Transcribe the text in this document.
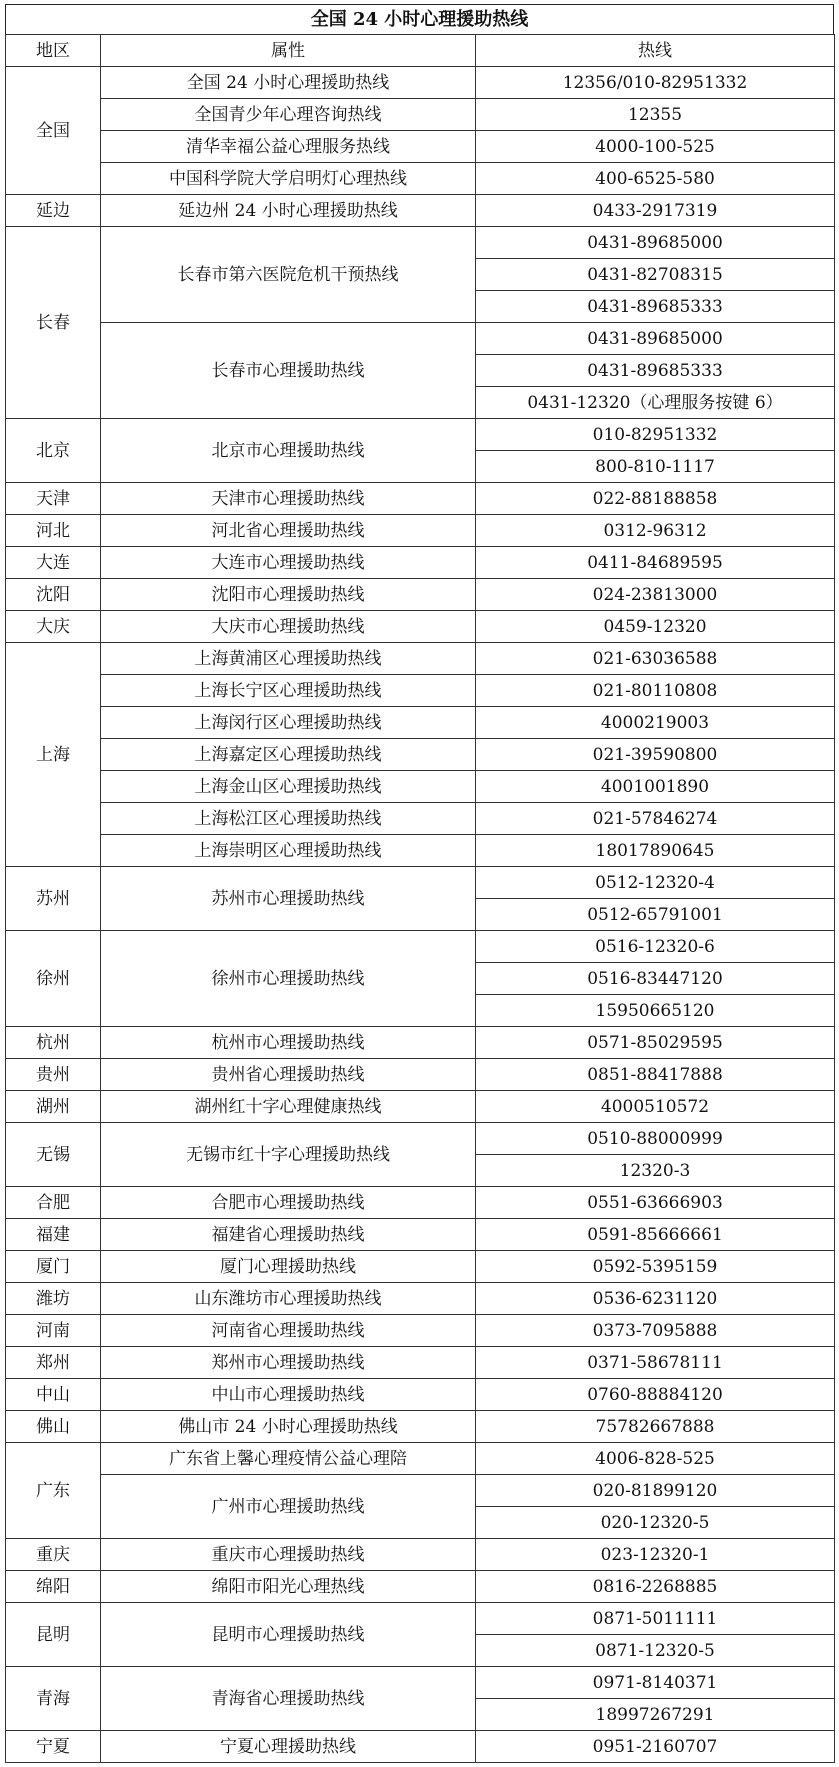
全国 24 小时心理援助热线
地区	属性	热线
全国	全国 24 小时心理援助热线	12356/010-82951332
	全国青少年心理咨询热线	12355
	清华幸福公益心理服务热线	4000-100-525
	中国科学院大学启明灯心理热线	400-6525-580
延边	延边州 24 小时心理援助热线	0433-2917319
长春	长春市第六医院危机干预热线	0431-89685000
		0431-82708315
		0431-89685333
	长春市心理援助热线	0431-89685000
		0431-89685333
		0431-12320（心理服务按键 6）
北京	北京市心理援助热线	010-82951332
		800-810-1117
天津	天津市心理援助热线	022-88188858
河北	河北省心理援助热线	0312-96312
大连	大连市心理援助热线	0411-84689595
沈阳	沈阳市心理援助热线	024-23813000
大庆	大庆市心理援助热线	0459-12320
上海	上海黄浦区心理援助热线	021-63036588
	上海长宁区心理援助热线	021-80110808
	上海闵行区心理援助热线	4000219003
	上海嘉定区心理援助热线	021-39590800
	上海金山区心理援助热线	4001001890
	上海松江区心理援助热线	021-57846274
	上海崇明区心理援助热线	18017890645
苏州	苏州市心理援助热线	0512-12320-4
		0512-65791001
徐州	徐州市心理援助热线	0516-12320-6
		0516-83447120
		15950665120
杭州	杭州市心理援助热线	0571-85029595
贵州	贵州省心理援助热线	0851-88417888
湖州	湖州红十字心理健康热线	4000510572
无锡	无锡市红十字心理援助热线	0510-88000999
		12320-3
合肥	合肥市心理援助热线	0551-63666903
福建	福建省心理援助热线	0591-85666661
厦门	厦门心理援助热线	0592-5395159
潍坊	山东潍坊市心理援助热线	0536-6231120
河南	河南省心理援助热线	0373-7095888
郑州	郑州市心理援助热线	0371-58678111
中山	中山市心理援助热线	0760-88884120
佛山	佛山市 24 小时心理援助热线	75782667888
广东	广东省上馨心理疫情公益心理陪	4006-828-525
	广州市心理援助热线	020-81899120
		020-12320-5
重庆	重庆市心理援助热线	023-12320-1
绵阳	绵阳市阳光心理热线	0816-2268885
昆明	昆明市心理援助热线	0871-5011111
		0871-12320-5
青海	青海省心理援助热线	0971-8140371
		18997267291
宁夏	宁夏心理援助热线	0951-2160707
